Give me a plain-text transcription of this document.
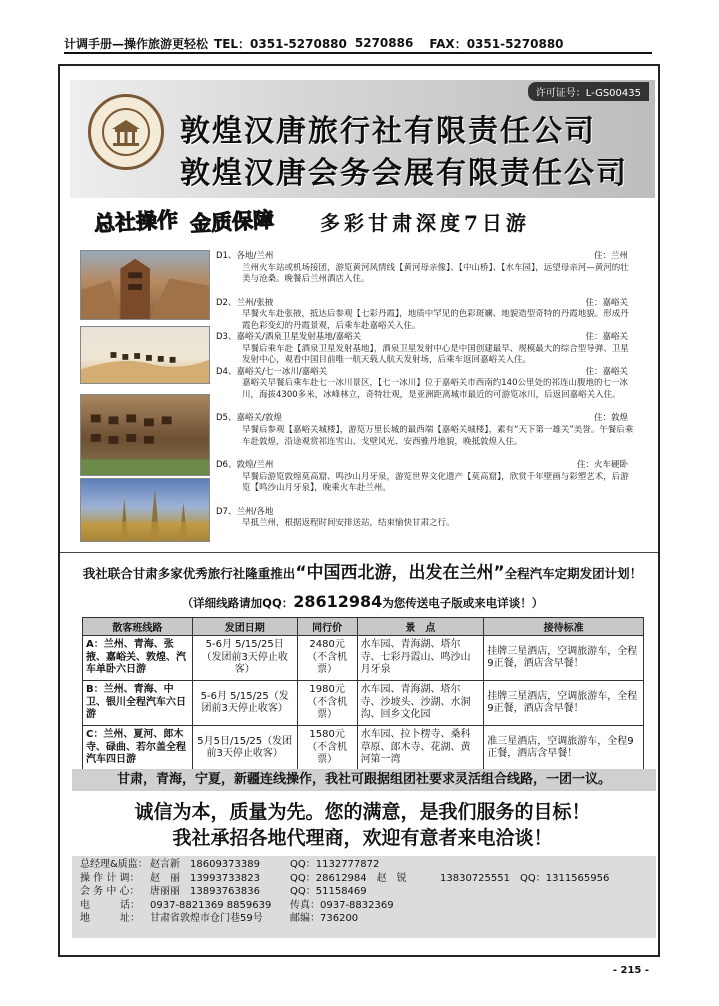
计调手册—操作旅游更轻松 TEL：0351-5270880 5270886 FAX：0351-5270880
许可证号：L-GS00435
敦煌汉唐旅行社有限责任公司
敦煌汉唐会务会展有限责任公司
总社操作 金质保障	多彩甘肃深度7日游
D1、各地/兰州	住：兰州
兰州火车站或机场接团，游览黄河风情线【黄河母亲像】、【中山桥】、【水车园】，远望母亲河—黄河的壮美与沧桑。晚餐后兰州酒店入住。
D2、兰州/张掖	住：嘉峪关
早餐火车赴张掖，抵达后参观【七彩丹霞】，地质中罕见的色彩斑斓、地貌造型奇特的丹霞地貌。形成丹霞色彩变幻的丹霞景观，后乘车赴嘉峪关入住。
D3、嘉峪关/酒泉卫星发射基地/嘉峪关	住：嘉峪关
早餐后乘车赴【酒泉卫星发射基地】，酒泉卫星发射中心是中国创建最早、规模最大的综合型导弹、卫星发射中心，观看中国目前唯一航天载人航天发射场，后乘车返回嘉峪关入住。
D4、嘉峪关/七一冰川/嘉峪关	住：嘉峪关
嘉峪关早餐后乘车赴七一冰川景区，【七一冰川】位于嘉峪关市西南约140公里处的祁连山腹地的七一冰川，海拔4300多米，冰峰林立，奇特壮观，是亚洲距离城市最近的可游览冰川，后返回嘉峪关入住。
D5、嘉峪关/敦煌	住：敦煌
早餐后参观【嘉峪关城楼】，游览万里长城的最西端【嘉峪关城楼】，素有“天下第一雄关”美誉。午餐后乘车赴敦煌，沿途观赏祁连雪山、戈壁风光、安西雅丹地貌，晚抵敦煌入住。
D6、敦煌/兰州	住：火车硬卧
早餐后游览敦煌莫高窟、鸣沙山月牙泉，游览世界文化遗产【莫高窟】，欣赏千年壁画与彩塑艺术，后游览【鸣沙山月牙泉】，晚乘火车赴兰州。
D7、兰州/各地
早抵兰州，根据返程时间安排送站，结束愉快甘肃之行。
我社联合甘肃多家优秀旅行社隆重推出“中国西北游，出发在兰州”全程汽车定期发团计划！
（详细线路请加QQ：28612984为您传送电子版或来电详谈！）
散客班线路	发团日期	同行价	景　点	接待标准
A：兰州、青海、张掖、嘉峪关、敦煌、汽车单卧六日游	5-6月 5/15/25日（发团前3天停止收客）	2480元（不含机票）	水车园、青海湖、塔尔寺、七彩丹霞山、鸣沙山月牙泉	挂牌三星酒店，空调旅游车，全程9正餐，酒店含早餐！
B：兰州、青海、中卫、银川全程汽车六日游	5-6月 5/15/25（发团前3天停止收客）	1980元（不含机票）	水车园、青海湖、塔尔寺、沙坡头、沙湖、水洞沟、回乡文化园	挂牌三星酒店，空调旅游车，全程9正餐，酒店含早餐！
C：兰州、夏河、郎木寺、碌曲、若尔盖全程汽车四日游	5月5日/15/25（发团前3天停止收客）	1580元（不含机票）	水车园、拉卜楞寺、桑科草原、郎木寺、花湖、黄河第一湾	准三星酒店，空调旅游车，全程9正餐，酒店含早餐！
甘肃，青海，宁夏，新疆连线操作，我社可跟据组团社要求灵活组合线路，一团一议。
诚信为本，质量为先。您的满意，是我们服务的目标！
我社承招各地代理商，欢迎有意者来电洽谈！
总经理&质监： 赵言新　18609373389	QQ：1132777872
操 作 计 调：	赵　丽　13993733823	QQ：28612984　赵　锐	13830725551　QQ：1311565956
会 务 中 心：	唐丽丽　13893763836	QQ：51158469
电　　　话：	0937-8821369 8859639	传真：0937-8832369
地　　　址：	甘肃省敦煌市仓门巷59号	邮编：736200
- 215 -
